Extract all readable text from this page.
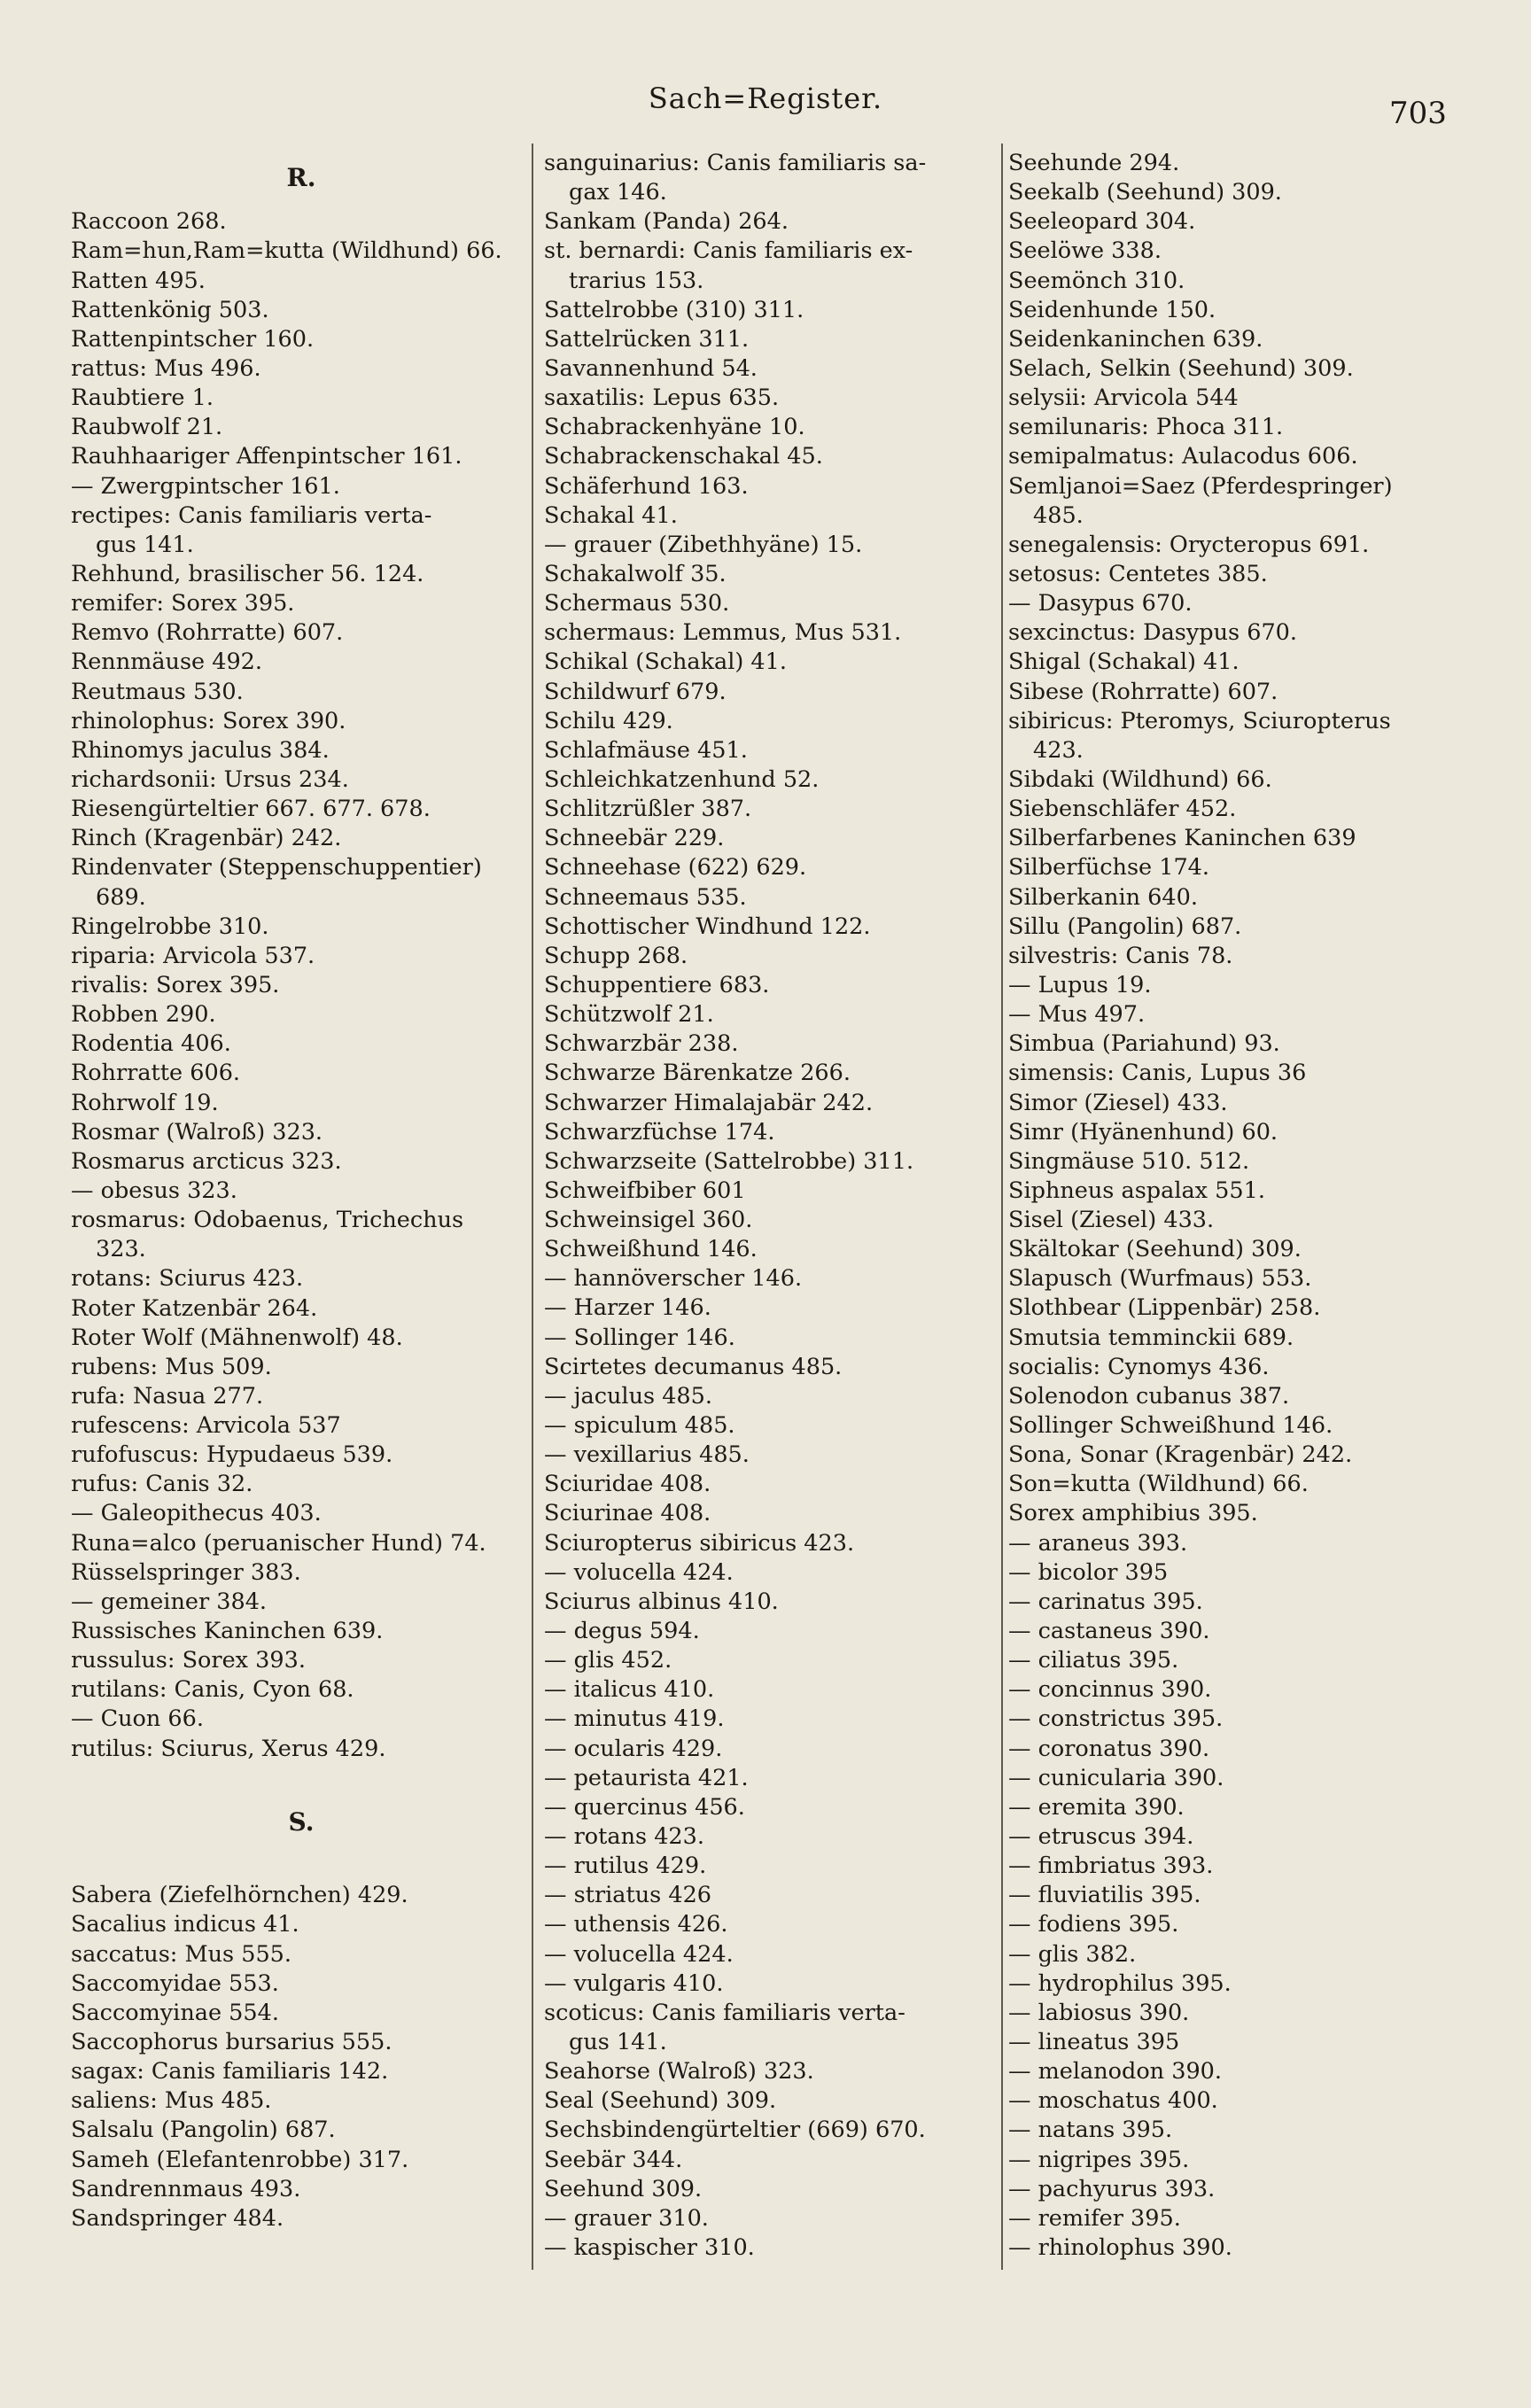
Sach=Register.	703
R.
Raccoon 268.
Ram=hun,Ram=kutta (Wildhund) 66.
Ratten 495.
Rattenkönig 503.
Rattenpintscher 160.
rattus: Mus 496.
Raubtiere 1.
Raubwolf 21.
Rauhhaariger Affenpintscher 161.
— Zwergpintscher 161.
rectipes: Canis familiaris verta-
gus 141.
Rehhund, brasilischer 56. 124.
remifer: Sorex 395.
Remvo (Rohrratte) 607.
Rennmäuse 492.
Reutmaus 530.
rhinolophus: Sorex 390.
Rhinomys jaculus 384.
richardsonii: Ursus 234.
Riesengürteltier 667. 677. 678.
Rinch (Kragenbär) 242.
Rindenvater (Steppenschuppentier)
689.
Ringelrobbe 310.
riparia: Arvicola 537.
rivalis: Sorex 395.
Robben 290.
Rodentia 406.
Rohrratte 606.
Rohrwolf 19.
Rosmar (Walroß) 323.
Rosmarus arcticus 323.
— obesus 323.
rosmarus: Odobaenus, Trichechus
323.
rotans: Sciurus 423.
Roter Katzenbär 264.
Roter Wolf (Mähnenwolf) 48.
rubens: Mus 509.
rufa: Nasua 277.
rufescens: Arvicola 537
rufofuscus: Hypudaeus 539.
rufus: Canis 32.
— Galeopithecus 403.
Runa=alco (peruanischer Hund) 74.
Rüsselspringer 383.
— gemeiner 384.
Russisches Kaninchen 639.
russulus: Sorex 393.
rutilans: Canis, Cyon 68.
— Cuon 66.
rutilus: Sciurus, Xerus 429.
S.
Sabera (Ziefelhörnchen) 429.
Sacalius indicus 41.
saccatus: Mus 555.
Saccomyidae 553.
Saccomyinae 554.
Saccophorus bursarius 555.
sagax: Canis familiaris 142.
saliens: Mus 485.
Salsalu (Pangolin) 687.
Sameh (Elefantenrobbe) 317.
Sandrennmaus 493.
Sandspringer 484.
sanguinarius: Canis familiaris sa-
gax 146.
Sankam (Panda) 264.
st. bernardi: Canis familiaris ex-
trarius 153.
Sattelrobbe (310) 311.
Sattelrücken 311.
Savannenhund 54.
saxatilis: Lepus 635.
Schabrackenhyäne 10.
Schabrackenschakal 45.
Schäferhund 163.
Schakal 41.
— grauer (Zibethhyäne) 15.
Schakalwolf 35.
Schermaus 530.
schermaus: Lemmus, Mus 531.
Schikal (Schakal) 41.
Schildwurf 679.
Schilu 429.
Schlafmäuse 451.
Schleichkatzenhund 52.
Schlitzrüßler 387.
Schneebär 229.
Schneehase (622) 629.
Schneemaus 535.
Schottischer Windhund 122.
Schupp 268.
Schuppentiere 683.
Schützwolf 21.
Schwarzbär 238.
Schwarze Bärenkatze 266.
Schwarzer Himalajabär 242.
Schwarzfüchse 174.
Schwarzseite (Sattelrobbe) 311.
Schweifbiber 601
Schweinsigel 360.
Schweißhund 146.
— hannöverscher 146.
— Harzer 146.
— Sollinger 146.
Scirtetes decumanus 485.
— jaculus 485.
— spiculum 485.
— vexillarius 485.
Sciuridae 408.
Sciurinae 408.
Sciuropterus sibiricus 423.
— volucella 424.
Sciurus albinus 410.
— degus 594.
— glis 452.
— italicus 410.
— minutus 419.
— ocularis 429.
— petaurista 421.
— quercinus 456.
— rotans 423.
— rutilus 429.
— striatus 426
— uthensis 426.
— volucella 424.
— vulgaris 410.
scoticus: Canis familiaris verta-
gus 141.
Seahorse (Walroß) 323.
Seal (Seehund) 309.
Sechsbindengürteltier (669) 670.
Seebär 344.
Seehund 309.
— grauer 310.
— kaspischer 310.
Seehunde 294.
Seekalb (Seehund) 309.
Seeleopard 304.
Seelöwe 338.
Seemönch 310.
Seidenhunde 150.
Seidenkaninchen 639.
Selach, Selkin (Seehund) 309.
selysii: Arvicola 544
semilunaris: Phoca 311.
semipalmatus: Aulacodus 606.
Semljanoi=Saez (Pferdespringer)
485.
senegalensis: Orycteropus 691.
setosus: Centetes 385.
— Dasypus 670.
sexcinctus: Dasypus 670.
Shigal (Schakal) 41.
Sibese (Rohrratte) 607.
sibiricus: Pteromys, Sciuropterus
423.
Sibdaki (Wildhund) 66.
Siebenschläfer 452.
Silberfarbenes Kaninchen 639
Silberfüchse 174.
Silberkanin 640.
Sillu (Pangolin) 687.
silvestris: Canis 78.
— Lupus 19.
— Mus 497.
Simbua (Pariahund) 93.
simensis: Canis, Lupus 36
Simor (Ziesel) 433.
Simr (Hyänenhund) 60.
Singmäuse 510. 512.
Siphneus aspalax 551.
Sisel (Ziesel) 433.
Skältokar (Seehund) 309.
Slapusch (Wurfmaus) 553.
Slothbear (Lippenbär) 258.
Smutsia temminckii 689.
socialis: Cynomys 436.
Solenodon cubanus 387.
Sollinger Schweißhund 146.
Sona, Sonar (Kragenbär) 242.
Son=kutta (Wildhund) 66.
Sorex amphibius 395.
— araneus 393.
— bicolor 395
— carinatus 395.
— castaneus 390.
— ciliatus 395.
— concinnus 390.
— constrictus 395.
— coronatus 390.
— cunicularia 390.
— eremita 390.
— etruscus 394.
— fimbriatus 393.
— fluviatilis 395.
— fodiens 395.
— glis 382.
— hydrophilus 395.
— labiosus 390.
— lineatus 395
— melanodon 390.
— moschatus 400.
— natans 395.
— nigripes 395.
— pachyurus 393.
— remifer 395.
— rhinolophus 390.
